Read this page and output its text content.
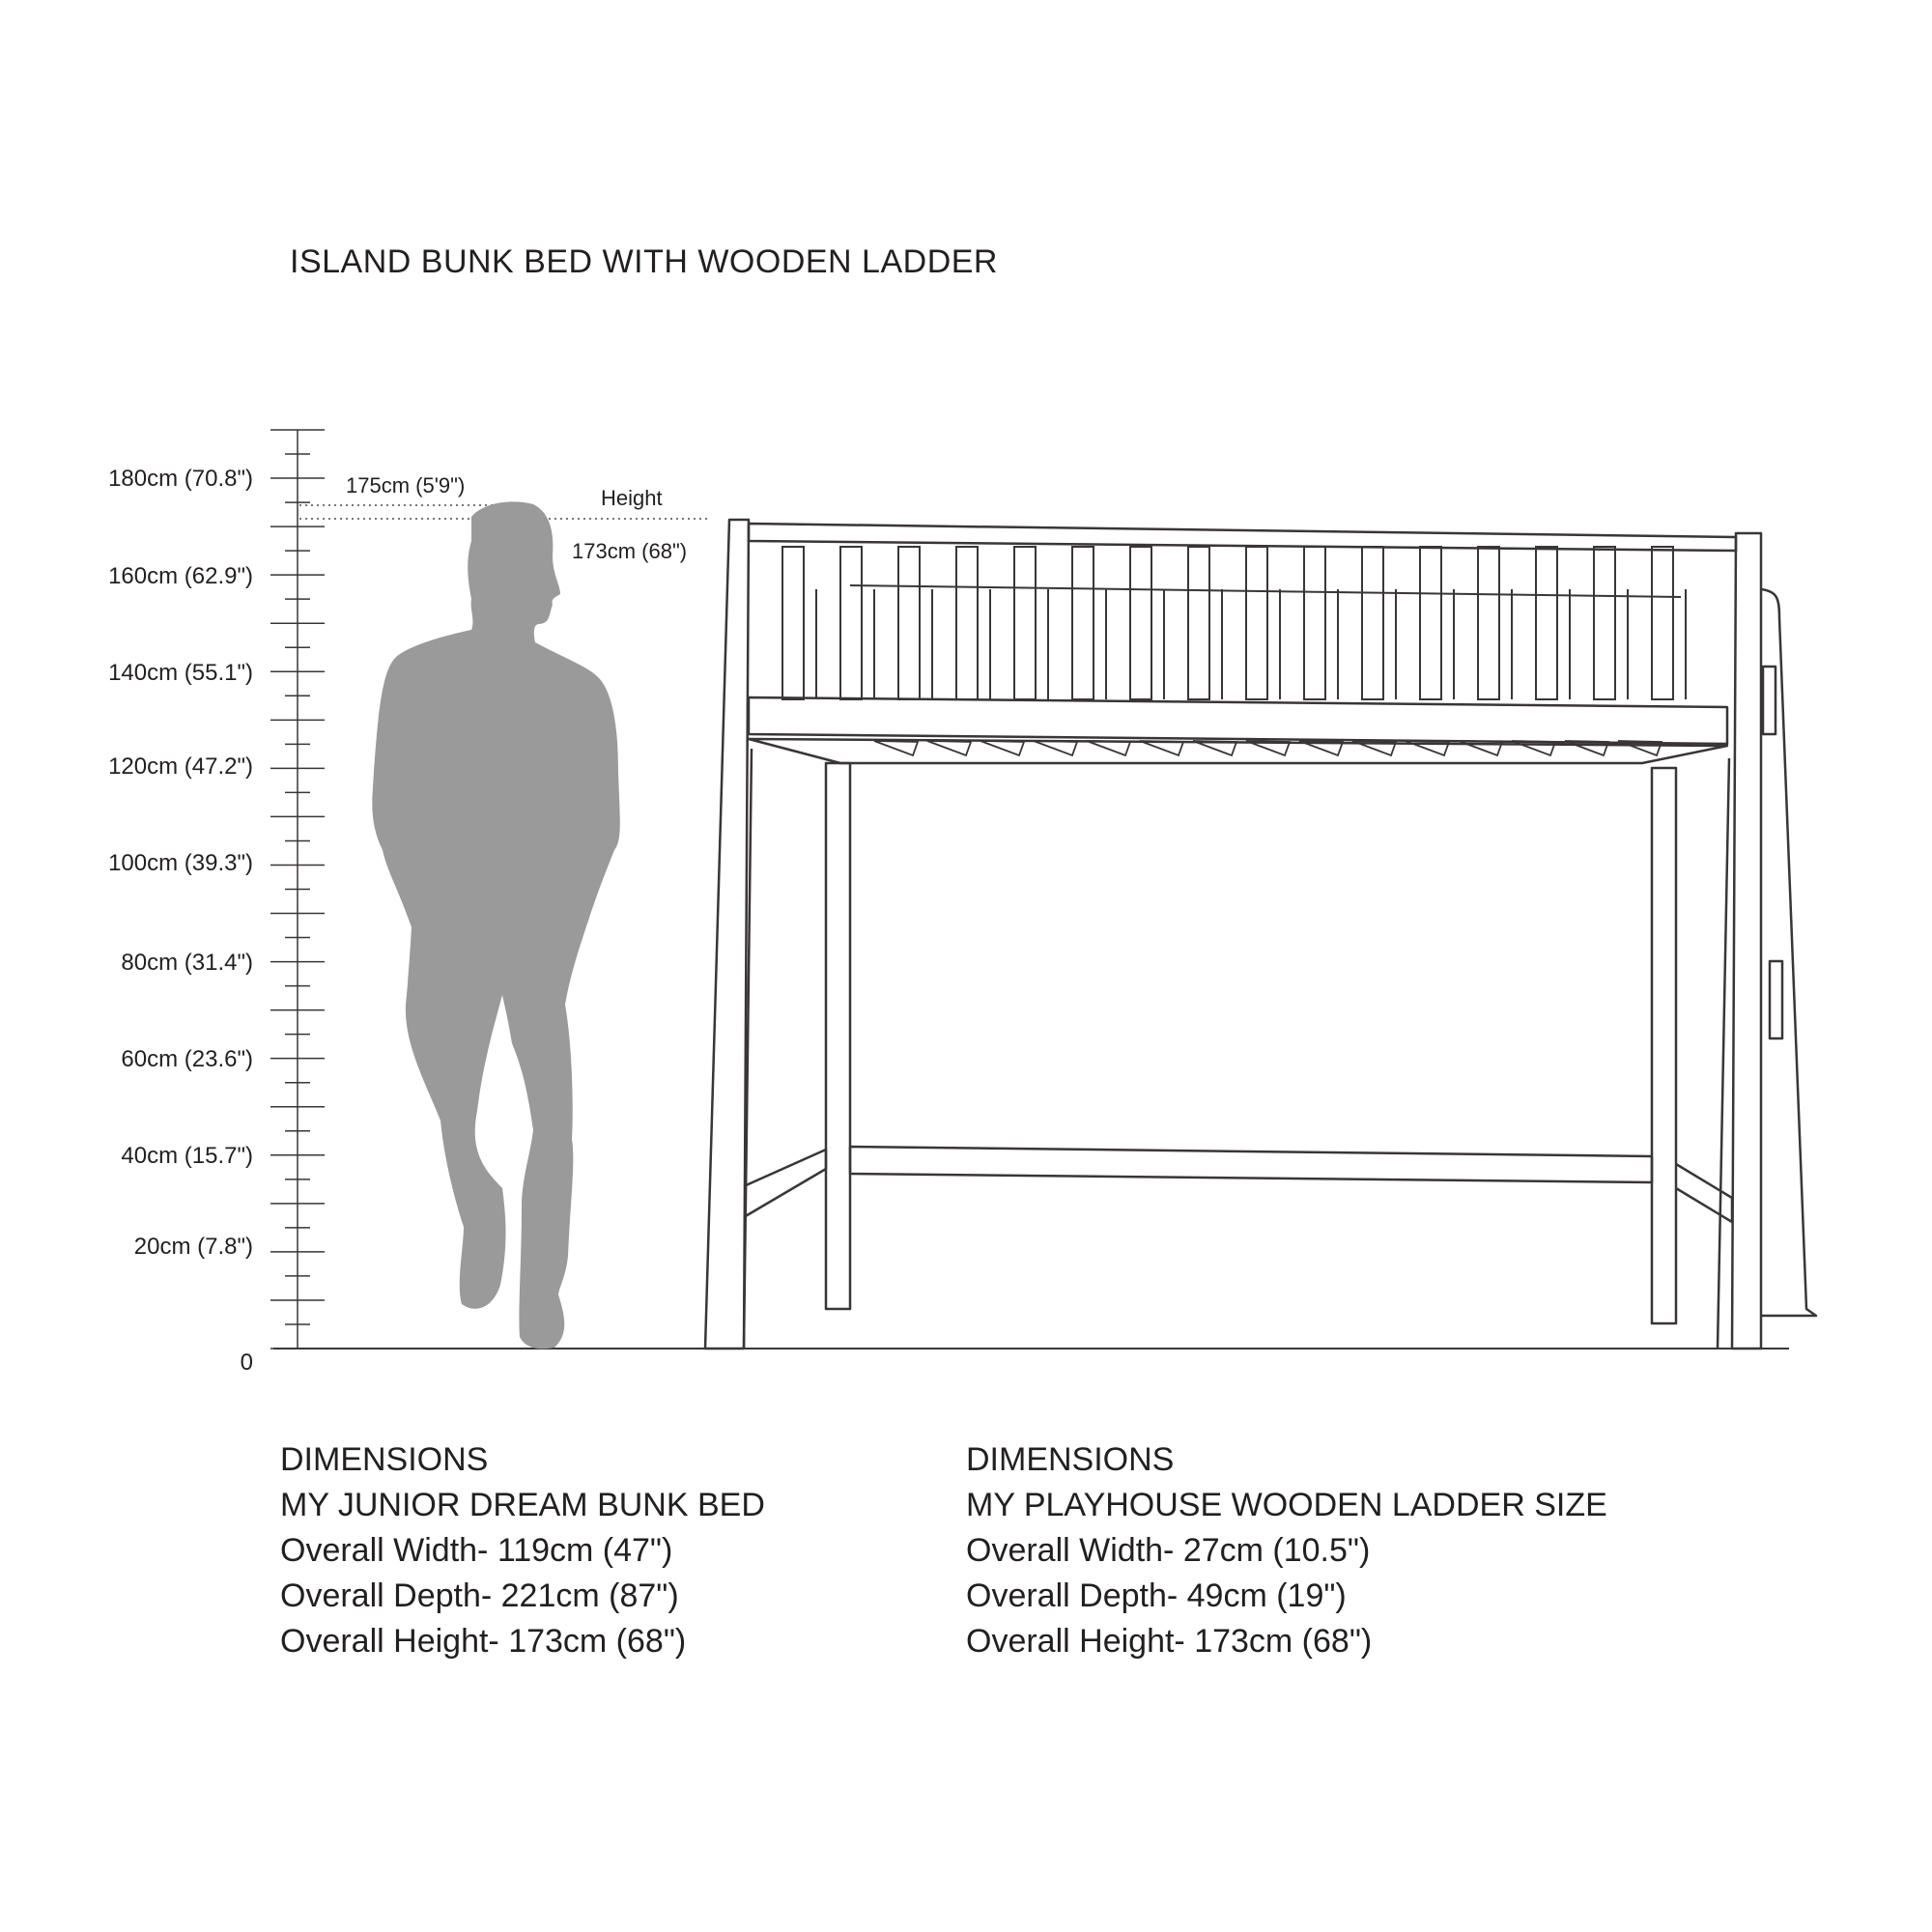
ISLAND BUNK BED WITH WOODEN LADDER
180cm (70.8")
160cm (62.9")
140cm (55.1")
120cm (47.2")
100cm (39.3")
80cm (31.4")
60cm (23.6")
40cm (15.7")
20cm (7.8")
0
175cm (5'9")
Height
173cm (68")
DIMENSIONS
MY JUNIOR DREAM BUNK BED
Overall Width- 119cm (47")
Overall Depth- 221cm (87")
Overall Height- 173cm (68")
DIMENSIONS
MY PLAYHOUSE WOODEN LADDER SIZE
Overall Width- 27cm (10.5")
Overall Depth- 49cm (19")
Overall Height- 173cm (68")
